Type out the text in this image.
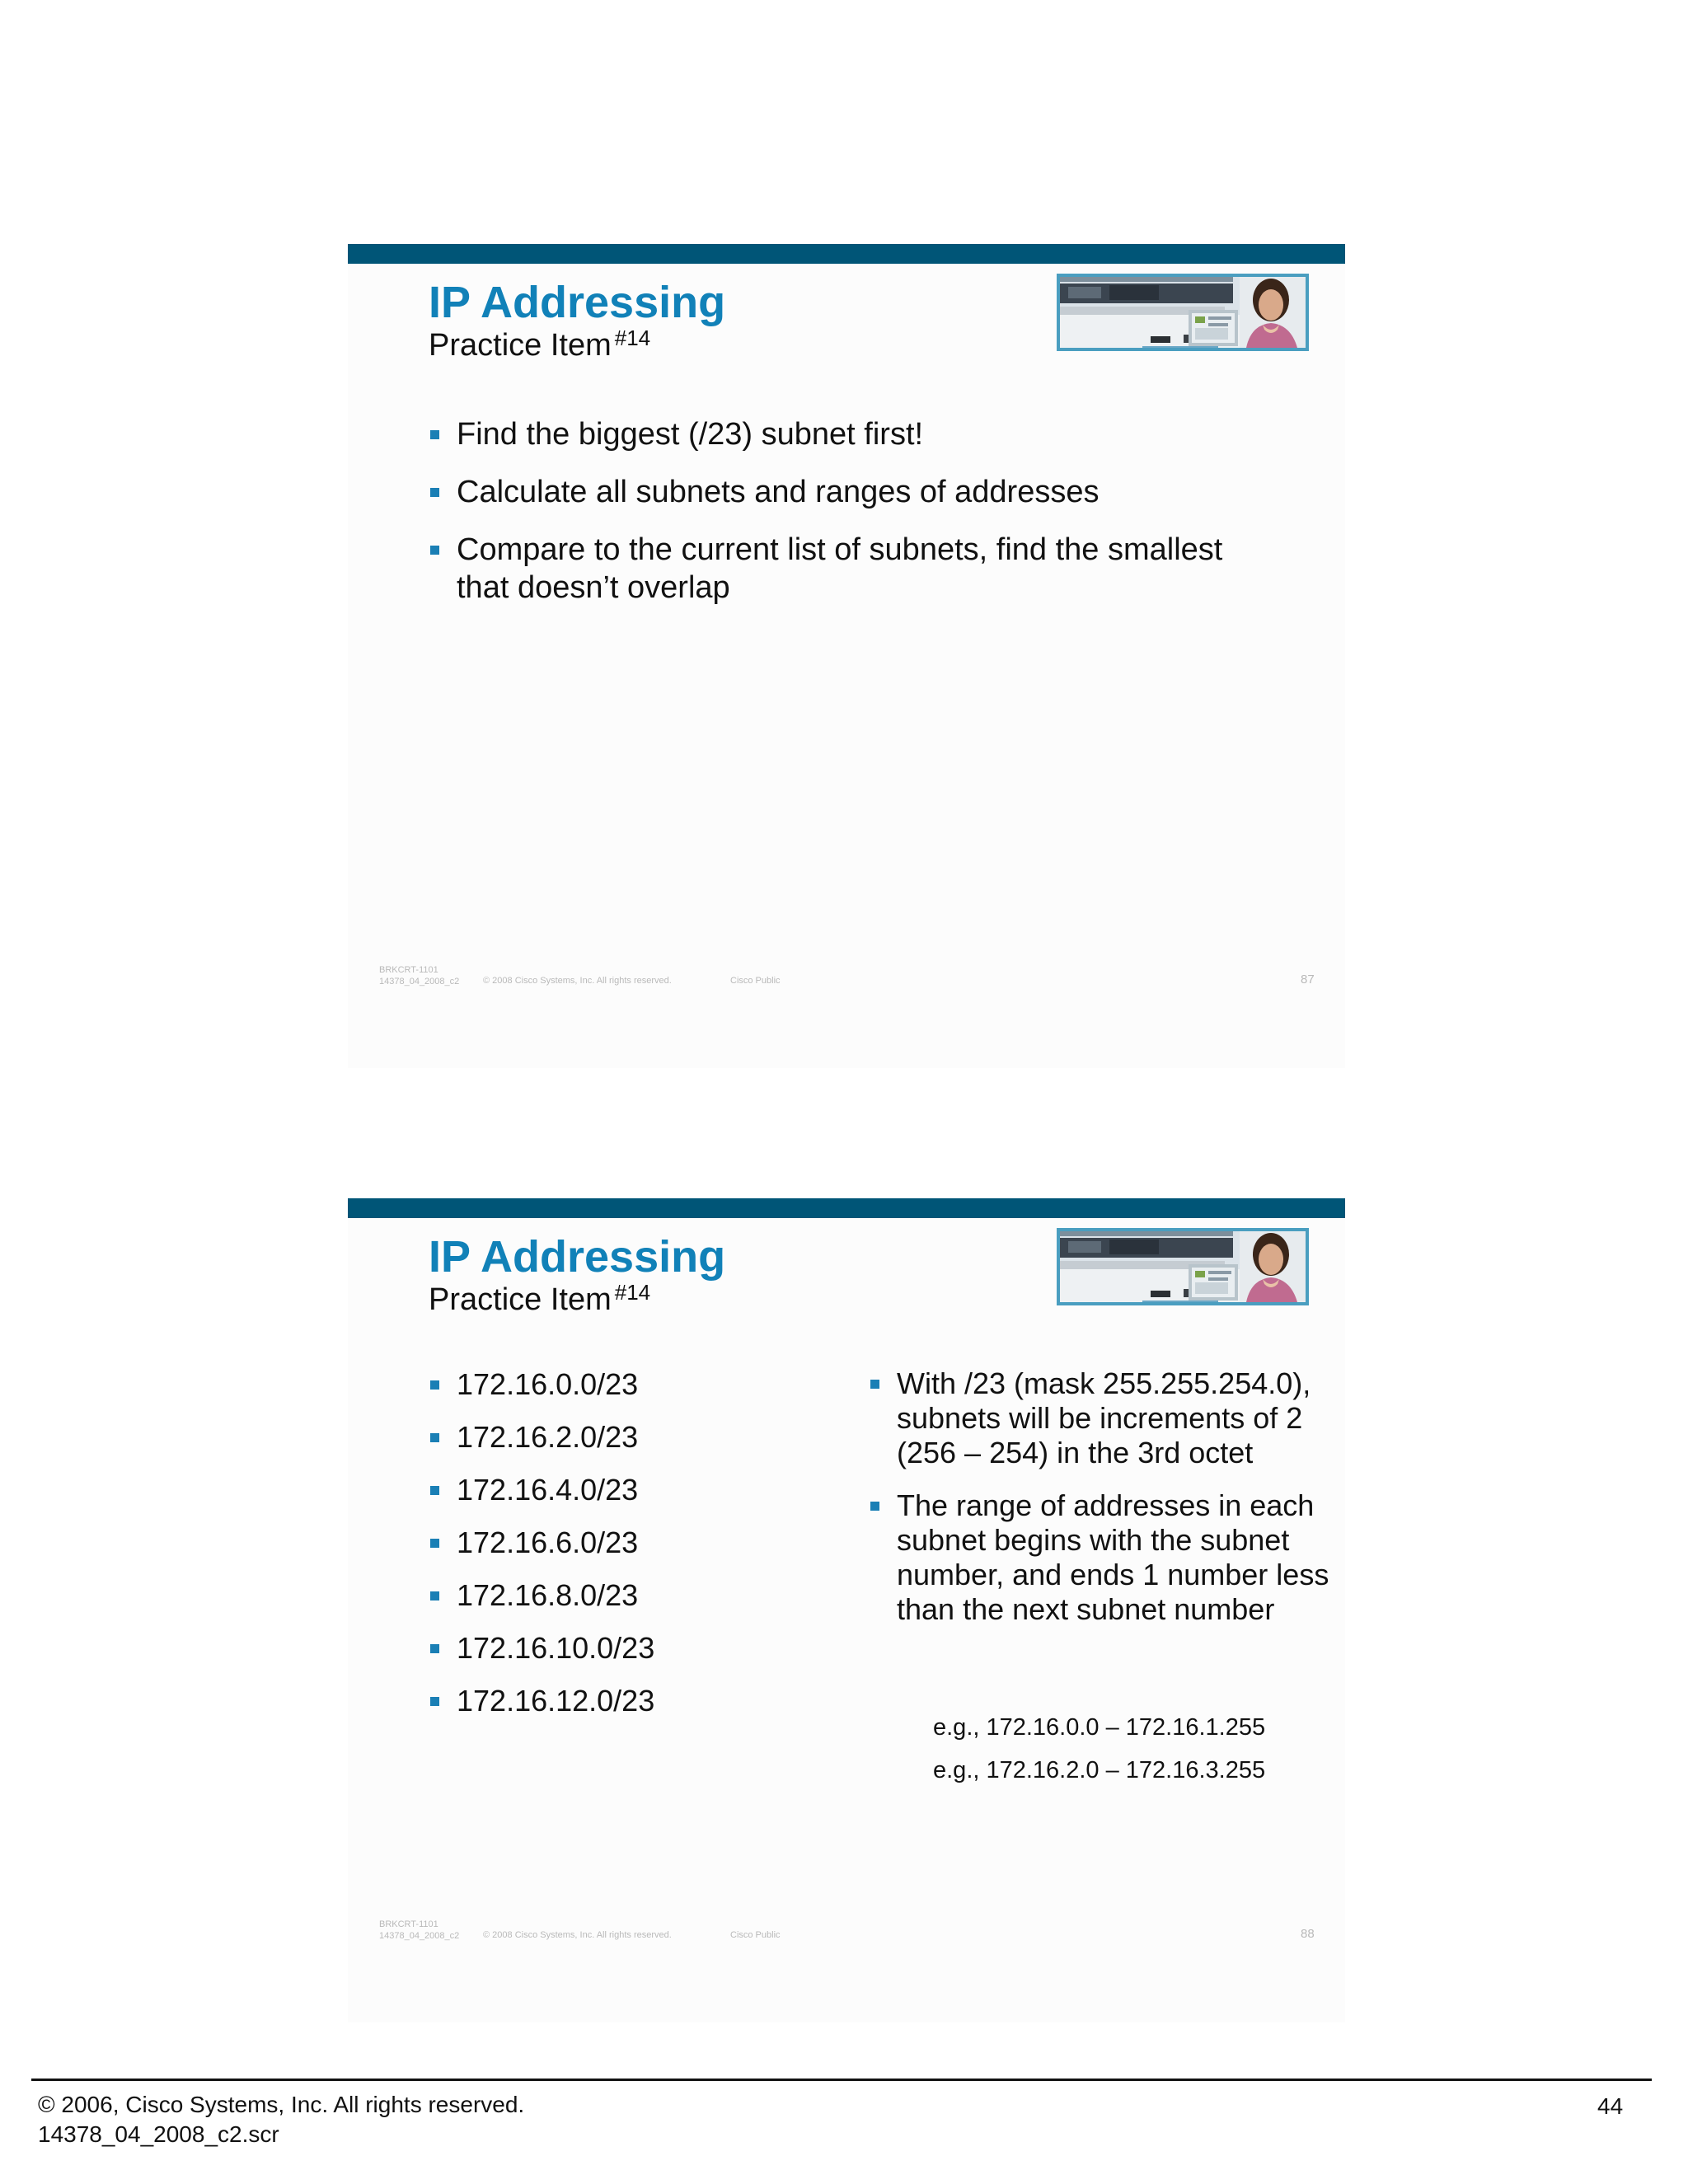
IP Addressing
Practice Item $^{\#14}$
Find the biggest (/23) subnet first!
Calculate all subnets and ranges of addresses
Compare to the current list of subnets, find the smallest that doesn’t overlap
BRKCRT-1101
14378_04_2008_c2	© 2008 Cisco Systems, Inc. All rights reserved.	Cisco Public	87
IP Addressing
Practice Item $^{\#14}$
172.16.0.0/23
172.16.2.0/23
172.16.4.0/23
172.16.6.0/23
172.16.8.0/23
172.16.10.0/23
172.16.12.0/23
With /23 (mask 255.255.254.0), subnets will be increments of 2 (256 – 254) in the 3rd octet
The range of addresses in each subnet begins with the subnet number, and ends 1 number less than the next subnet number
e.g., 172.16.0.0 – 172.16.1.255
e.g., 172.16.2.0 – 172.16.3.255
BRKCRT-1101
14378_04_2008_c2	© 2008 Cisco Systems, Inc. All rights reserved.	Cisco Public	88
© 2006, Cisco Systems, Inc. All rights reserved.
14378_04_2008_c2.scr
44
